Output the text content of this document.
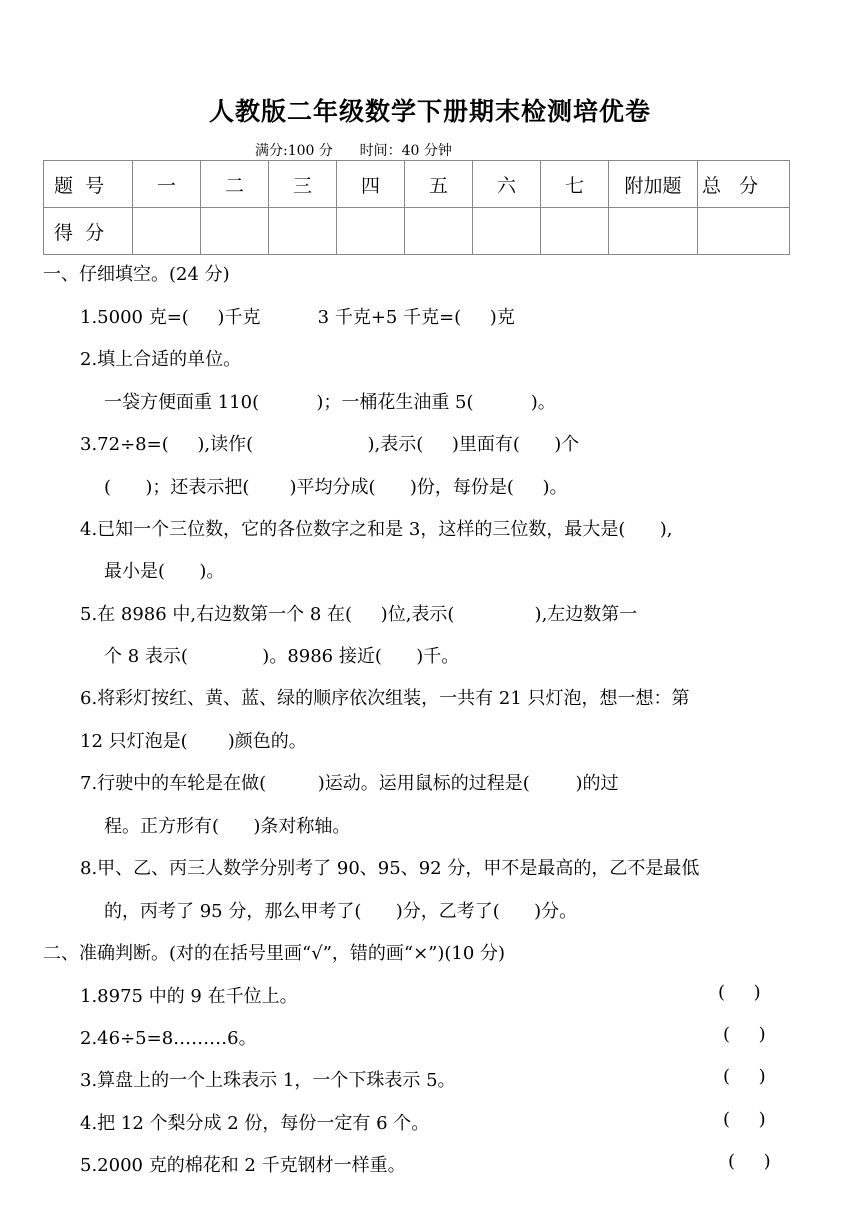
人教版二年级数学下册期末检测培优卷
满分:100 分      时间：40 分钟
题  号	一	二	三	四	五	六	七	附加题	总   分
得  分									
一、仔细填空。(24 分)
1.5000 克=(     )千克          3 千克+5 千克=(     )克
2.填上合适的单位。
一袋方便面重 110(          )；一桶花生油重 5(          )。
3.72÷8=(     ),读作(                    ),表示(     )里面有(      )个
(      )；还表示把(       )平均分成(      )份，每份是(     )。
4.已知一个三位数，它的各位数字之和是 3，这样的三位数，最大是(      ),
最小是(      )。
5.在 8986 中,右边数第一个 8 在(     )位,表示(              ),左边数第一
个 8 表示(             )。8986 接近(      )千。
6.将彩灯按红、黄、蓝、绿的顺序依次组装，一共有 21 只灯泡，想一想：第
12 只灯泡是(       )颜色的。
7.行驶中的车轮是在做(         )运动。运用鼠标的过程是(        )的过
程。正方形有(      )条对称轴。
8.甲、乙、丙三人数学分别考了 90、95、92 分，甲不是最高的，乙不是最低
的，丙考了 95 分，那么甲考了(      )分，乙考了(      )分。
二、准确判断。(对的在括号里画“√”，错的画“×”)(10 分)
1.8975 中的 9 在千位上。	(     )
2.46÷5=8………6。	(     )
3.算盘上的一个上珠表示 1，一个下珠表示 5。	(     )
4.把 12 个梨分成 2 份，每份一定有 6 个。	(     )
5.2000 克的棉花和 2 千克钢材一样重。	(     )
